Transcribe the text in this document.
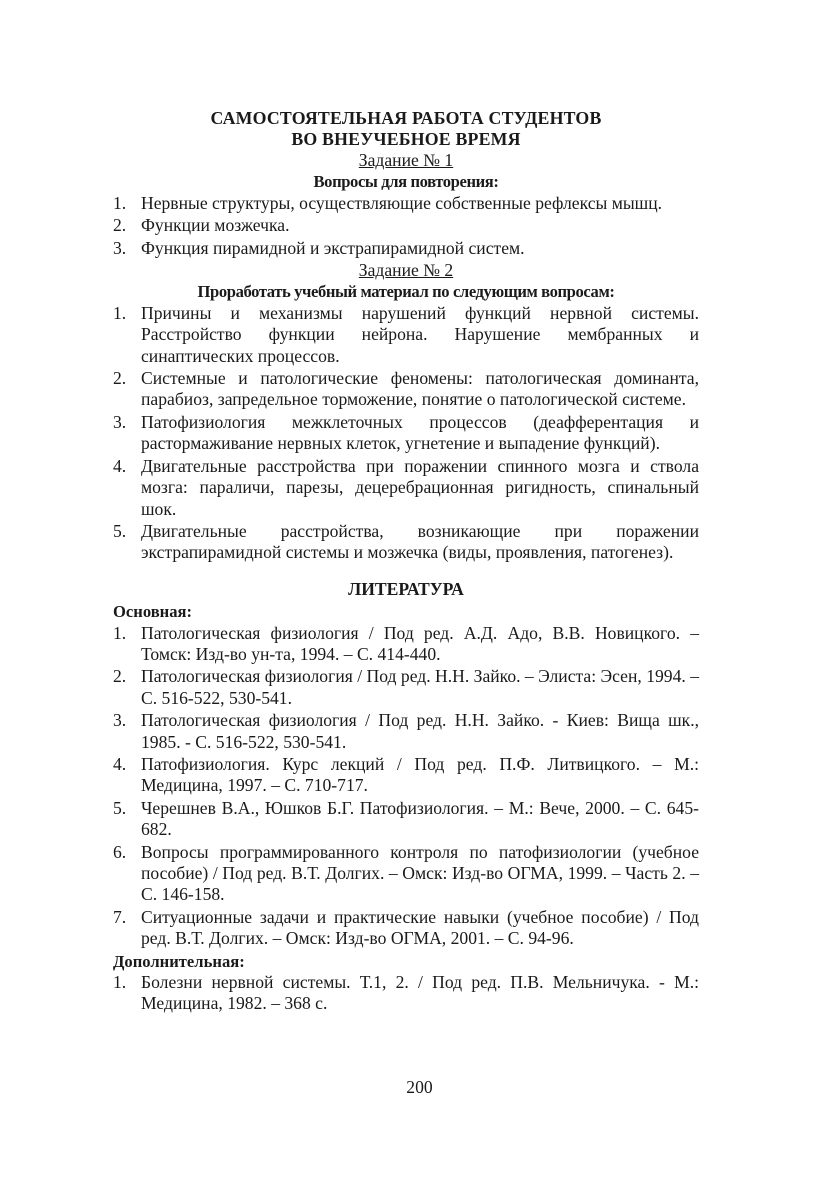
САМОСТОЯТЕЛЬНАЯ РАБОТА СТУДЕНТОВ
ВО ВНЕУЧЕБНОЕ ВРЕМЯ
Задание № 1
Вопросы для повторения:
1. Нервные структуры, осуществляющие собственные рефлексы мышц.
2. Функции мозжечка.
3. Функция пирамидной и экстрапирамидной систем.
Задание № 2
Проработать учебный материал по следующим вопросам:
1. Причины и механизмы нарушений функций нервной системы. Расстройство функции нейрона. Нарушение мембранных и синаптических процессов.
2. Системные и патологические феномены: патологическая доминанта, парабиоз, запредельное торможение, понятие о патологической системе.
3. Патофизиология межклеточных процессов (деафферентация и растормаживание нервных клеток, угнетение и выпадение функций).
4. Двигательные расстройства при поражении спинного мозга и ствола мозга: параличи, парезы, децеребрационная ригидность, спинальный шок.
5. Двигательные расстройства, возникающие при поражении экстрапирамидной системы и мозжечка (виды, проявления, патогенез).
ЛИТЕРАТУРА
Основная:
1. Патологическая физиология / Под ред. А.Д. Адо, В.В. Новицкого. – Томск: Изд-во ун-та, 1994. – С. 414-440.
2. Патологическая физиология / Под ред. Н.Н. Зайко. – Элиста: Эсен, 1994. – С. 516-522, 530-541.
3. Патологическая физиология / Под ред. Н.Н. Зайко. - Киев: Вища шк., 1985. - С. 516-522, 530-541.
4. Патофизиология. Курс лекций / Под ред. П.Ф. Литвицкого. – М.: Медицина, 1997. – С. 710-717.
5. Черешнев В.А., Юшков Б.Г. Патофизиология. – М.: Вече, 2000. – С. 645-682.
6. Вопросы программированного контроля по патофизиологии (учебное пособие) / Под ред. В.Т. Долгих. – Омск: Изд-во ОГМА, 1999. – Часть 2. – С. 146-158.
7. Ситуационные задачи и практические навыки (учебное пособие) / Под ред. В.Т. Долгих. – Омск: Изд-во ОГМА, 2001. – С. 94-96.
Дополнительная:
1. Болезни нервной системы. Т.1, 2. / Под ред. П.В. Мельничука. - М.: Медицина, 1982. – 368 с.
200
